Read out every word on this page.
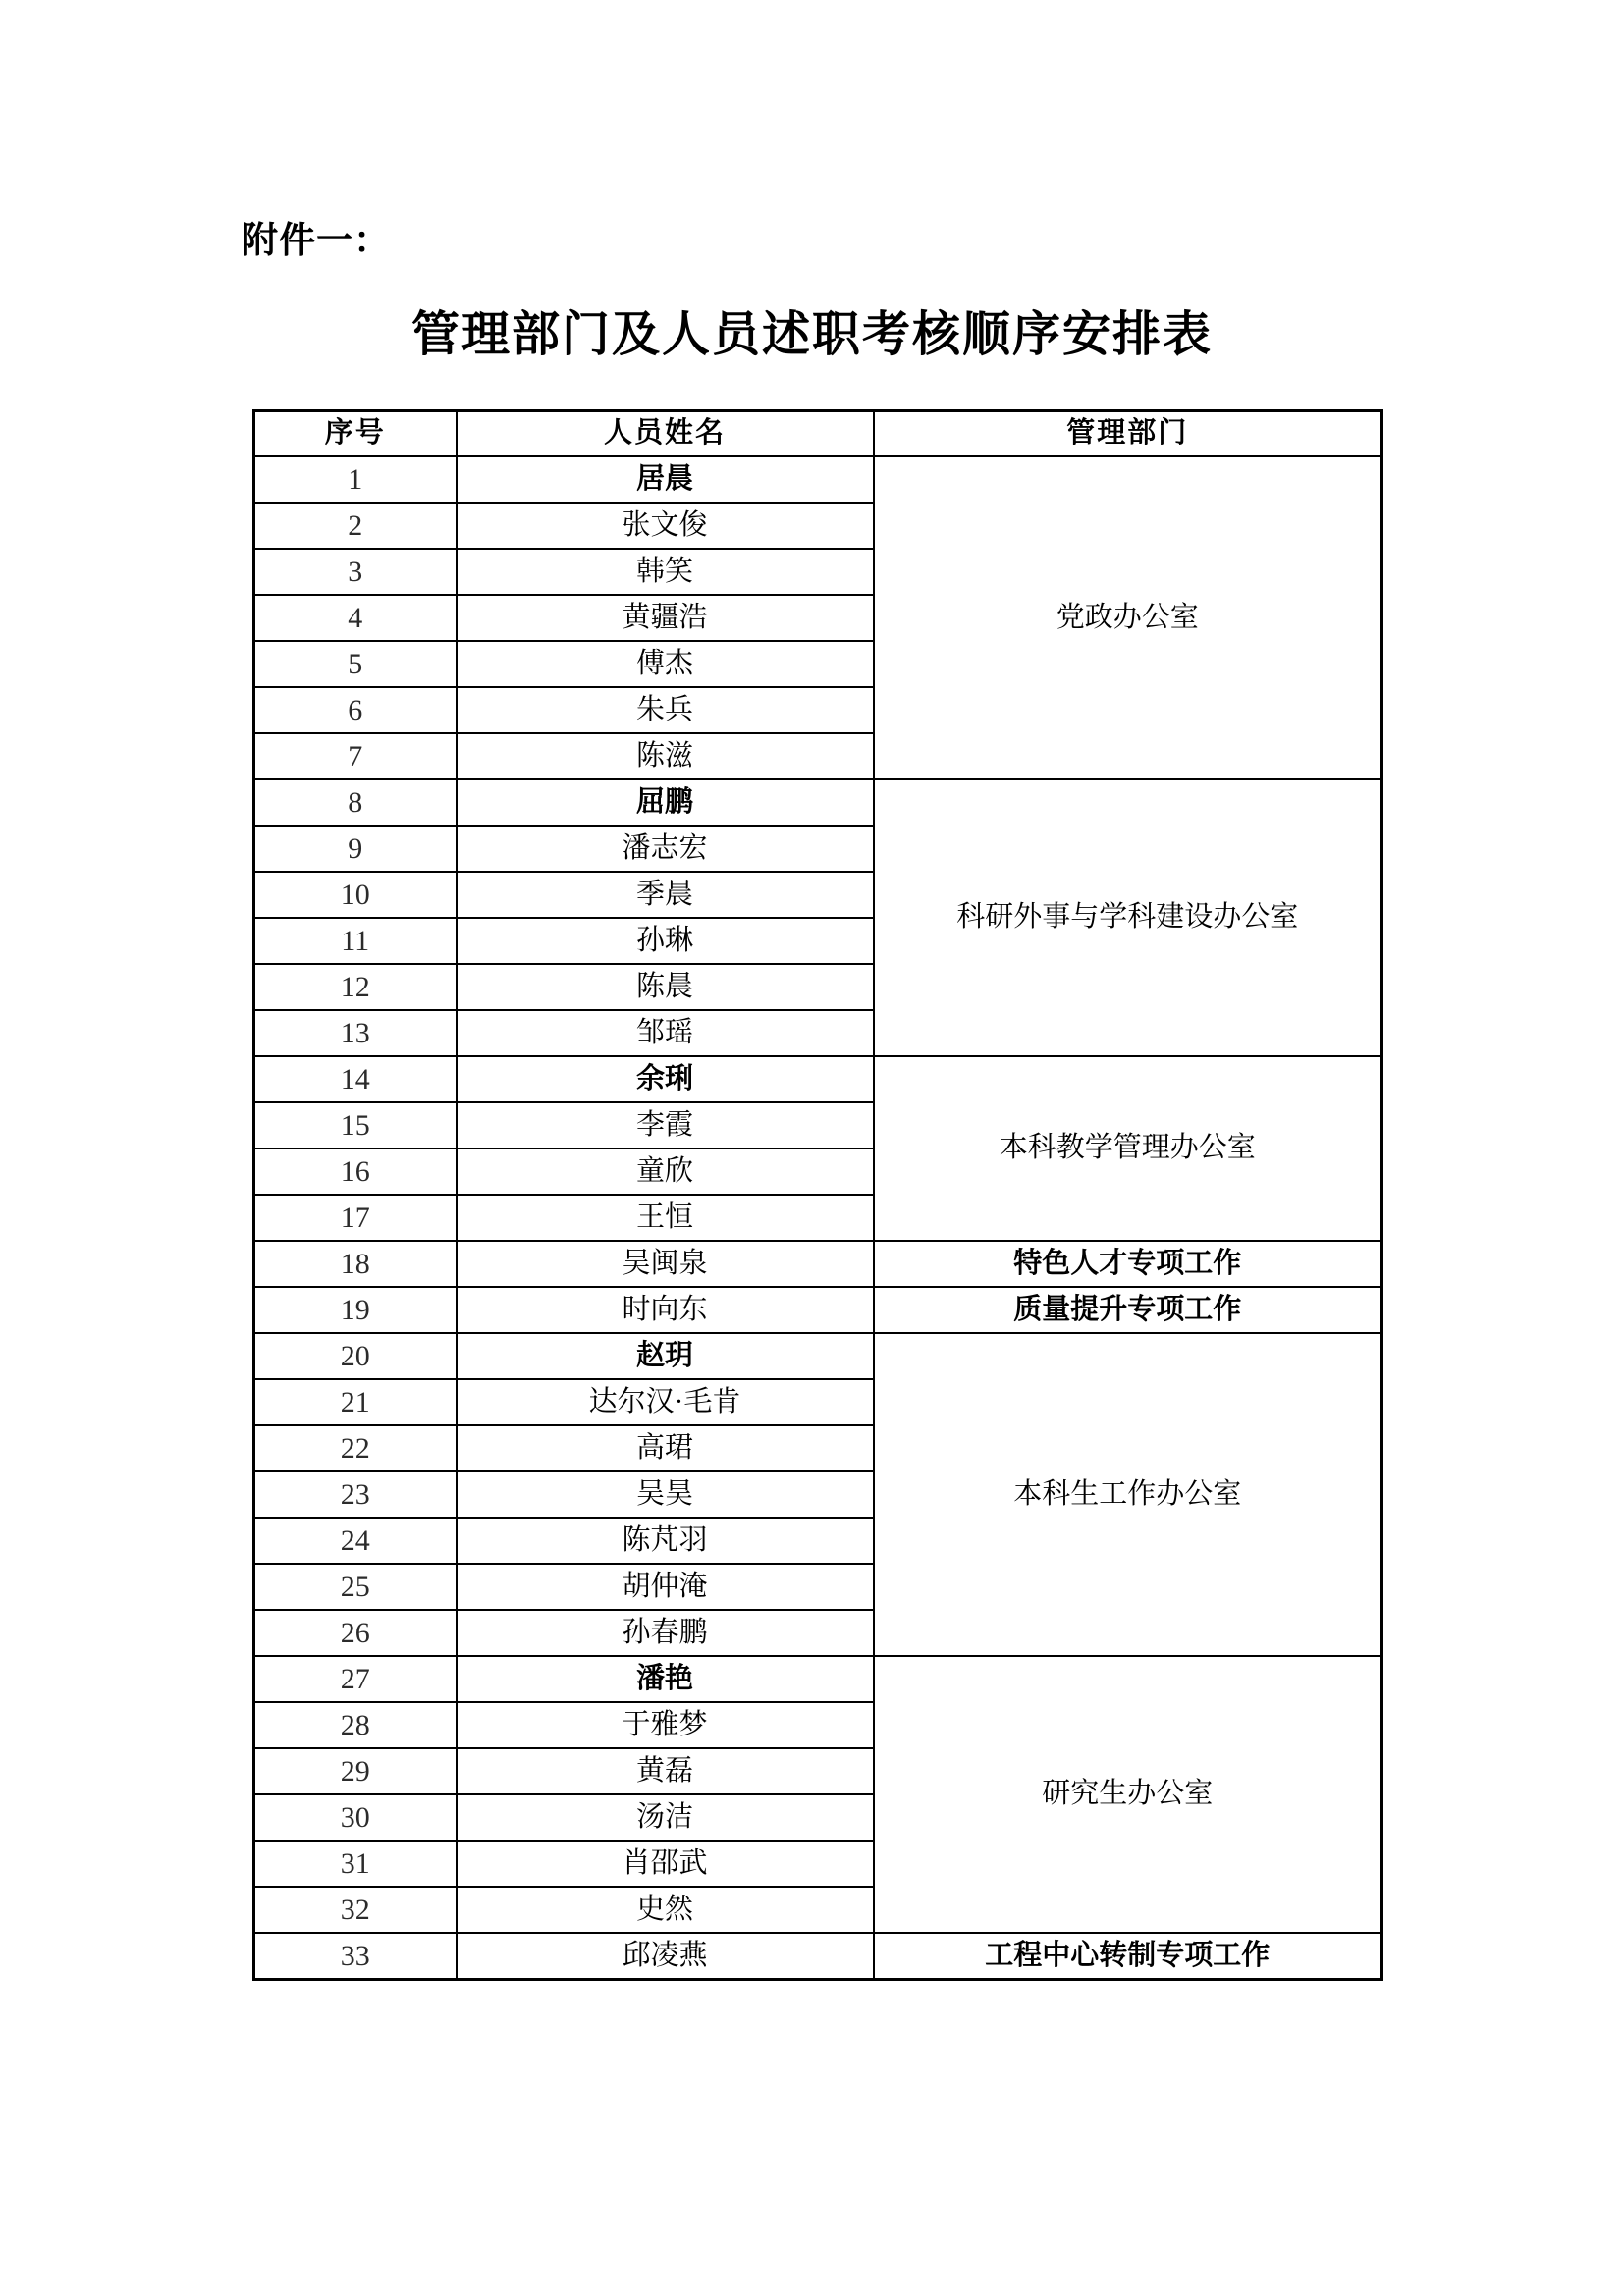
附件一：
管理部门及人员述职考核顺序安排表
序号	人员姓名	管理部门
1	居晨	党政办公室
2	张文俊	
3	韩笑	
4	黄疆浩	
5	傅杰	
6	朱兵	
7	陈滋	
8	屈鹏	科研外事与学科建设办公室
9	潘志宏	
10	季晨	
11	孙琳	
12	陈晨	
13	邹瑶	
14	余琍	本科教学管理办公室
15	李霞	
16	童欣	
17	王恒	
18	吴闽泉	特色人才专项工作
19	时向东	质量提升专项工作
20	赵玥	本科生工作办公室
21	达尔汉·毛肯	
22	高珺	
23	吴昊	
24	陈芃羽	
25	胡仲淹	
26	孙春鹏	
27	潘艳	研究生办公室
28	于雅梦	
29	黄磊	
30	汤洁	
31	肖邵武	
32	史然	
33	邱凌燕	工程中心转制专项工作
